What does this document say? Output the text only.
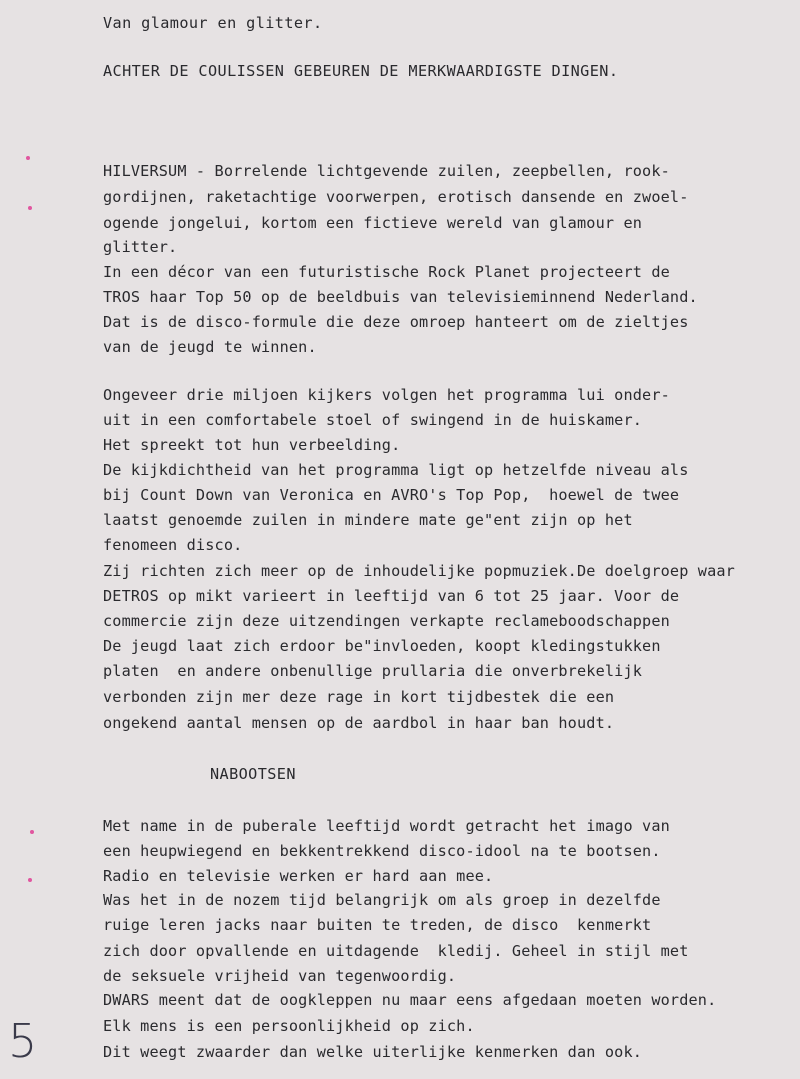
Van glamour en glitter.
ACHTER DE COULISSEN GEBEUREN DE MERKWAARDIGSTE DINGEN.
HILVERSUM - Borrelende lichtgevende zuilen, zeepbellen, rook-
gordijnen, raketachtige voorwerpen, erotisch dansende en zwoel-
ogende jongelui, kortom een fictieve wereld van glamour en
glitter.
In een décor van een futuristische Rock Planet projecteert de
TROS haar Top 50 op de beeldbuis van televisieminnend Nederland.
Dat is de disco-formule die deze omroep hanteert om de zieltjes
van de jeugd te winnen.
Ongeveer drie miljoen kijkers volgen het programma lui onder-
uit in een comfortabele stoel of swingend in de huiskamer.
Het spreekt tot hun verbeelding.
De kijkdichtheid van het programma ligt op hetzelfde niveau als
bij Count Down van Veronica en AVRO's Top Pop,  hoewel de twee
laatst genoemde zuilen in mindere mate ge"ent zijn op het
fenomeen disco.
Zij richten zich meer op de inhoudelijke popmuziek.De doelgroep waar
DETROS op mikt varieert in leeftijd van 6 tot 25 jaar. Voor de
commercie zijn deze uitzendingen verkapte reclameboodschappen
De jeugd laat zich erdoor be"invloeden, koopt kledingstukken
platen  en andere onbenullige prullaria die onverbrekelijk
verbonden zijn mer deze rage in kort tijdbestek die een
ongekend aantal mensen op de aardbol in haar ban houdt.
NABOOTSEN
Met name in de puberale leeftijd wordt getracht het imago van
een heupwiegend en bekkentrekkend disco-idool na te bootsen.
Radio en televisie werken er hard aan mee.
Was het in de nozem tijd belangrijk om als groep in dezelfde
ruige leren jacks naar buiten te treden, de disco  kenmerkt
zich door opvallende en uitdagende  kledij. Geheel in stijl met
de seksuele vrijheid van tegenwoordig.
DWARS meent dat de oogkleppen nu maar eens afgedaan moeten worden.
Elk mens is een persoonlijkheid op zich.
Dit weegt zwaarder dan welke uiterlijke kenmerken dan ook.
5
